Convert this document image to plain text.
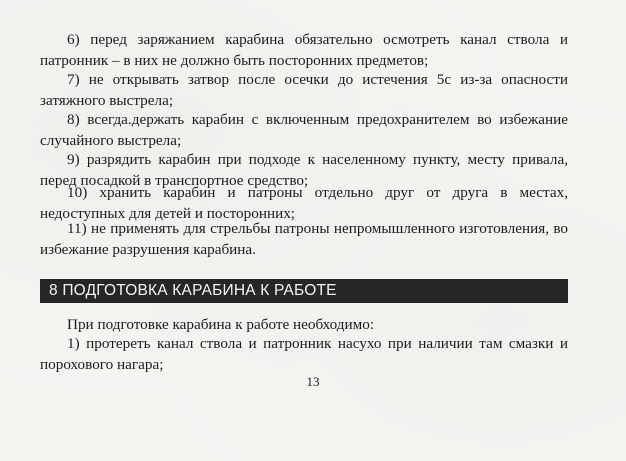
6) перед заряжанием карабина обязательно осмотреть канал ствола и патронник – в них не должно быть посторонних предметов;

7) не открывать затвор после осечки до истечения 5с из-за опасности затяжного выстрела;

8) всегда.держать карабин с включенным предохранителем во избежание случайного выстрела;

9) разрядить карабин при подходе к населенному пункту, месту привала, перед посадкой в транспортное средство;

10) хранить карабин и патроны отдельно друг от друга в местах, недоступных для детей и посторонних;

11) не применять для стрельбы патроны непромышленного изготовления, во избежание разрушения карабина.

8 ПОДГОТОВКА КАРАБИНА К РАБОТЕ

При подготовке карабина к работе необходимо:

1) протереть канал ствола и патронник насухо при наличии там смазки и порохового нагара;

13
